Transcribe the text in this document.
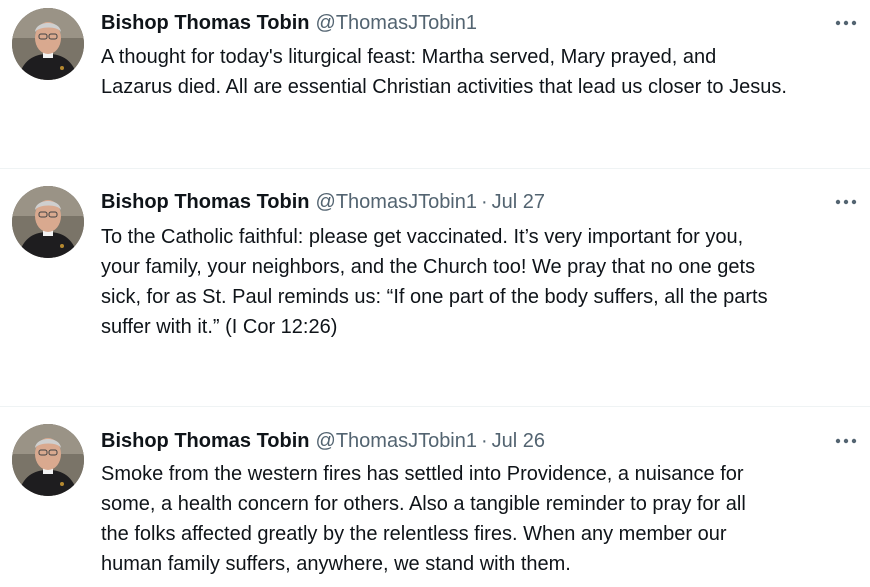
Bishop Thomas Tobin @ThomasJTobin1
A thought for today's liturgical feast: Martha served, Mary prayed, and
Lazarus died. All are essential Christian activities that lead us closer to Jesus.
Bishop Thomas Tobin @ThomasJTobin1 · Jul 27
To the Catholic faithful: please get vaccinated. It’s very important for you,
your family, your neighbors, and the Church too! We pray that no one gets
sick, for as St. Paul reminds us: “If one part of the body suffers, all the parts
suffer with it.” (I Cor 12:26)
Bishop Thomas Tobin @ThomasJTobin1 · Jul 26
Smoke from the western fires has settled into Providence, a nuisance for
some, a health concern for others. Also a tangible reminder to pray for all
the folks affected greatly by the relentless fires. When any member our
human family suffers, anywhere, we stand with them.
